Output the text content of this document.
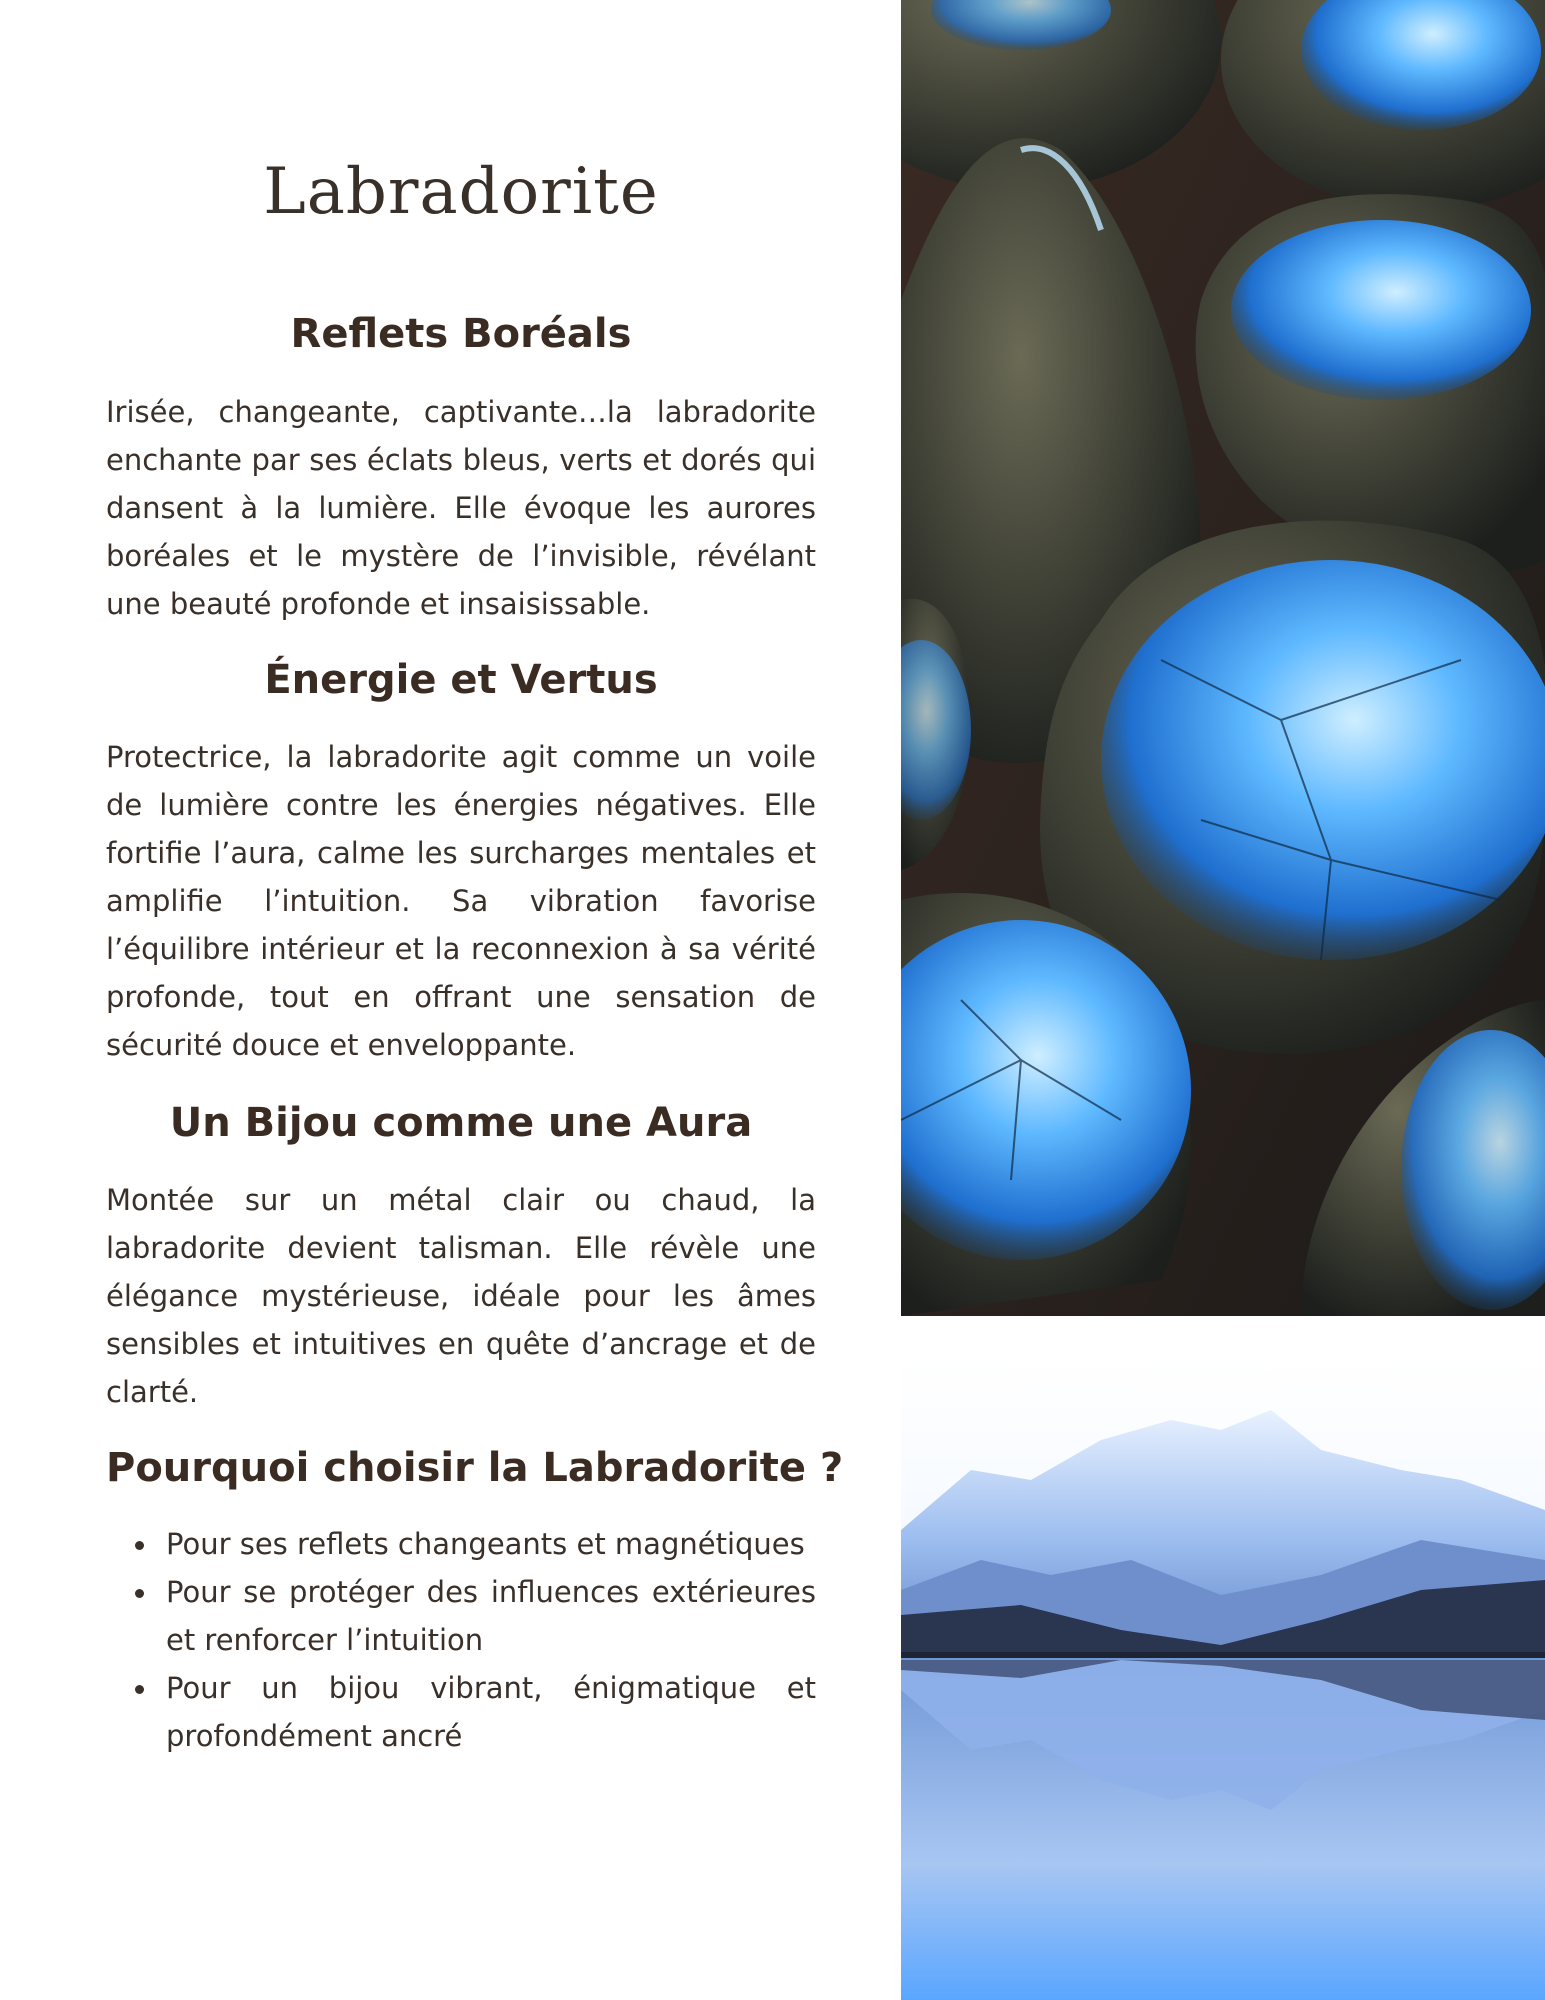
Labradorite
Reflets Boréals

Irisée, changeante, captivante…la labradorite enchante par ses éclats bleus, verts et dorés qui dansent à la lumière. Elle évoque les aurores boréales et le mystère de l’invisible, révélant une beauté profonde et insaisissable.

Énergie et Vertus

Protectrice, la labradorite agit comme un voile de lumière contre les énergies négatives. Elle fortifie l’aura, calme les surcharges mentales et amplifie l’intuition. Sa vibration favorise l’équilibre intérieur et la reconnexion à sa vérité profonde, tout en offrant une sensation de sécurité douce et enveloppante.

Un Bijou comme une Aura

Montée sur un métal clair ou chaud, la labradorite devient talisman. Elle révèle une élégance mystérieuse, idéale pour les âmes sensibles et intuitives en quête d’ancrage et de clarté.

Pourquoi choisir la Labradorite ?
Pour ses reflets changeants et magnétiques
Pour se protéger des influences extérieures et renforcer l’intuition
Pour un bijou vibrant, énigmatique et profondément ancré
